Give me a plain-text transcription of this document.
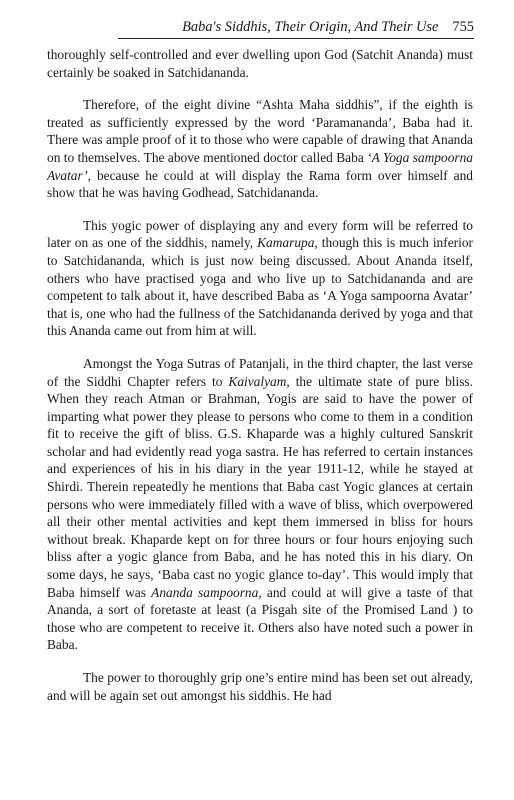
Baba's Siddhis, Their Origin, And Their Use 755

thoroughly self-controlled and ever dwelling upon God (Satchit Ananda) must certainly be soaked in Satchidananda.

Therefore, of the eight divine “Ashta Maha siddhis”, if the eighth is treated as sufficiently expressed by the word ‘Paramananda’, Baba had it. There was ample proof of it to those who were capable of drawing that Ananda on to themselves. The above mentioned doctor called Baba ‘A Yoga sampoorna Avatar’, because he could at will display the Rama form over himself and show that he was having Godhead, Satchidananda.

This yogic power of displaying any and every form will be referred to later on as one of the siddhis, namely, Kamarupa, though this is much inferior to Satchidananda, which is just now being discussed. About Ananda itself, others who have practised yoga and who live up to Satchidananda and are competent to talk about it, have described Baba as ‘A Yoga sampoorna Avatar’ that is, one who had the fullness of the Satchidananda derived by yoga and that this Ananda came out from him at will.

Amongst the Yoga Sutras of Patanjali, in the third chapter, the last verse of the Siddhi Chapter refers to Kaivalyam, the ultimate state of pure bliss. When they reach Atman or Brahman, Yogis are said to have the power of imparting what power they please to persons who come to them in a condition fit to receive the gift of bliss. G.S. Khaparde was a highly cultured Sanskrit scholar and had evidently read yoga sastra. He has referred to certain instances and experiences of his in his diary in the year 1911-12, while he stayed at Shirdi. Therein repeatedly he mentions that Baba cast Yogic glances at certain persons who were immediately filled with a wave of bliss, which overpowered all their other mental activities and kept them immersed in bliss for hours without break. Khaparde kept on for three hours or four hours enjoying such bliss after a yogic glance from Baba, and he has noted this in his diary. On some days, he says, ‘Baba cast no yogic glance to-day’. This would imply that Baba himself was Ananda sampoorna, and could at will give a taste of that Ananda, a sort of foretaste at least (a Pisgah site of the Promised Land ) to those who are competent to receive it. Others also have noted such a power in Baba.

The power to thoroughly grip one’s entire mind has been set out already, and will be again set out amongst his siddhis. He had
